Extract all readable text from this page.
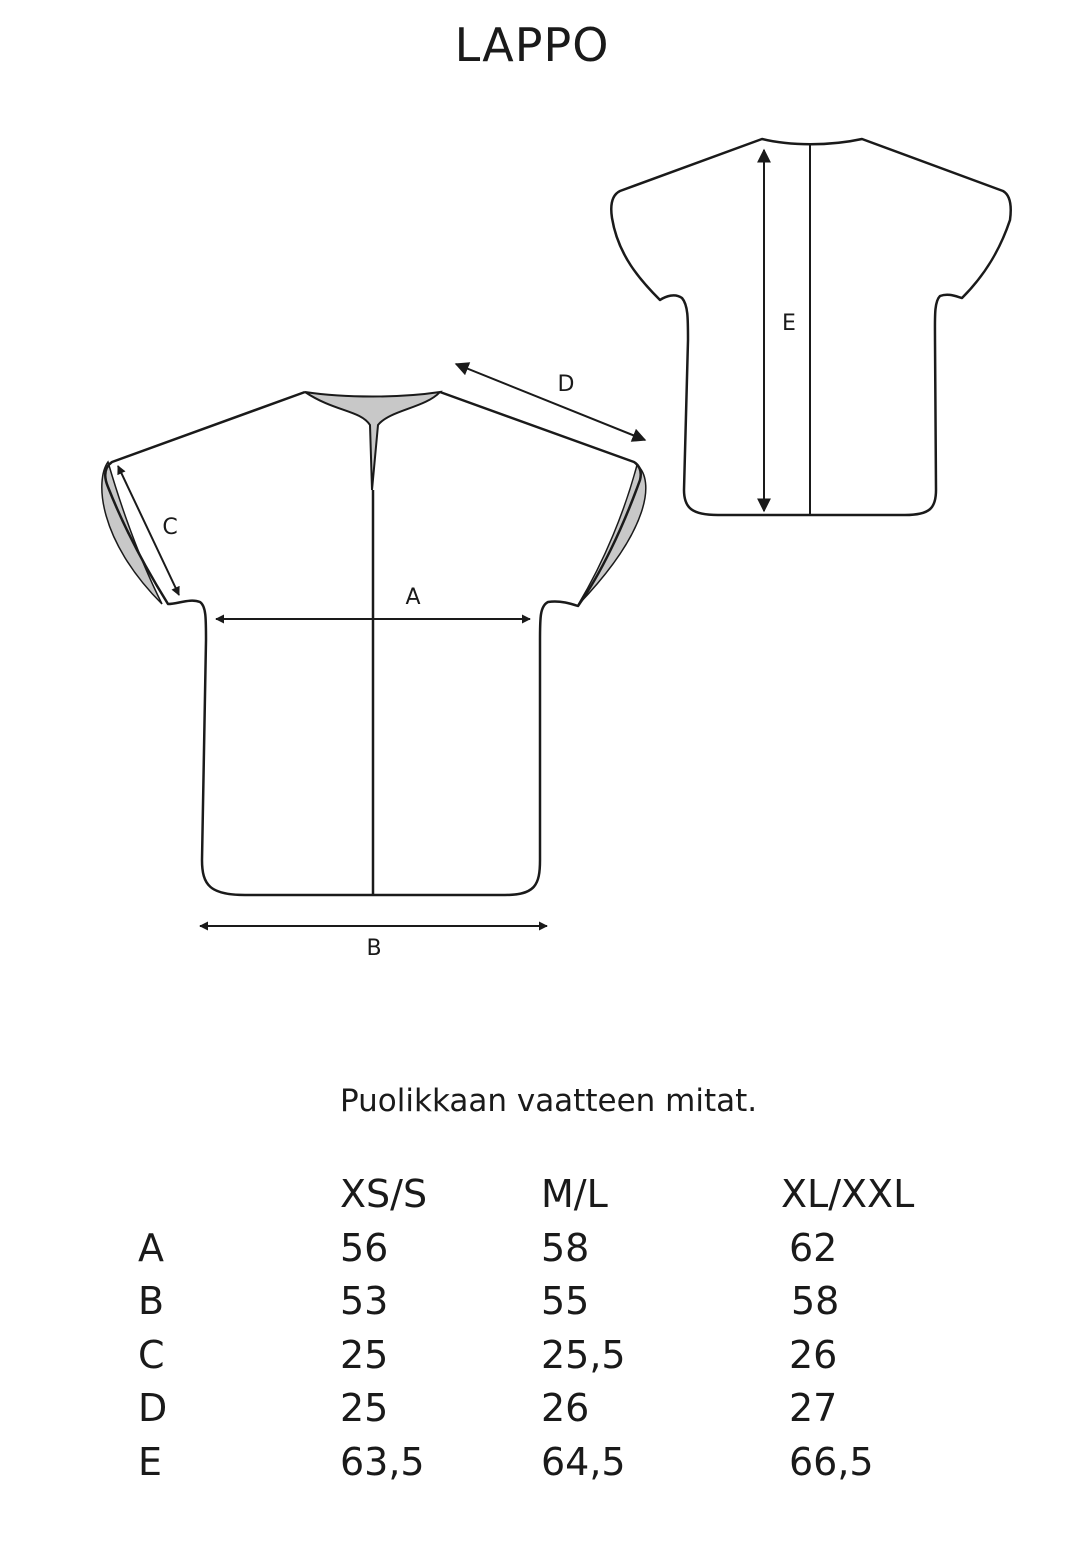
LAPPO
A
B
C
D
E
Puolikkaan vaatteen mitat.

A
B
C
D
E
XS/S
56
53
25
25
63,5
M/L
58
55
25,5
26
64,5
XL/XXL
62
58
26
27
66,5
